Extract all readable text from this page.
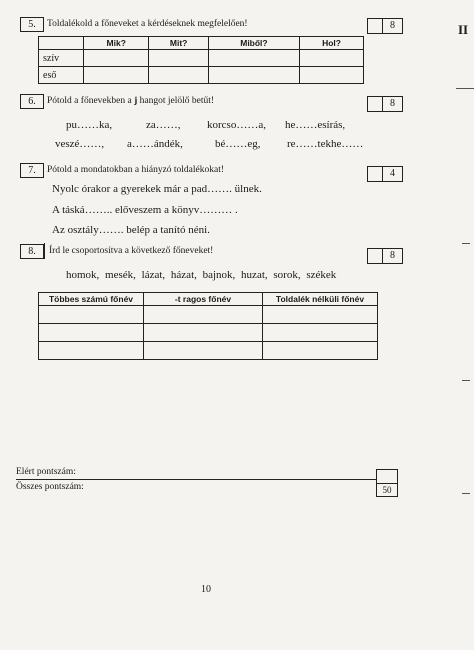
II
5.	Toldalékold a főneveket a kérdéseknek megfelelően!	8
	Mik?	Mit?	Miből?	Hol?
szív				
eső				
6.	Pótold a főnevekben a j hangot jelölő betűt!	8
pu……ka,	za……, korcso……a, he……esírás,
veszé……, a……ándék,	bé……eg, re……tekhe……
7.	Pótold a mondatokban a hiányzó toldalékokat!	4
Nyolc órakor a gyerekek már a pad……. ülnek.
A táská…….. elővesze​m a könyv……… .
Az osztály……. belép a tanító néni.
8.	Írd le csoportosítva a következő főneveket!	8
homok, mesék, lázat, házat, bajnok, huzat, sorok, székek
Többes számú főnév	-t ragos főnév	Toldalék nélküli főnév

Elért pontszám:
Összes pontszám:	50
10
